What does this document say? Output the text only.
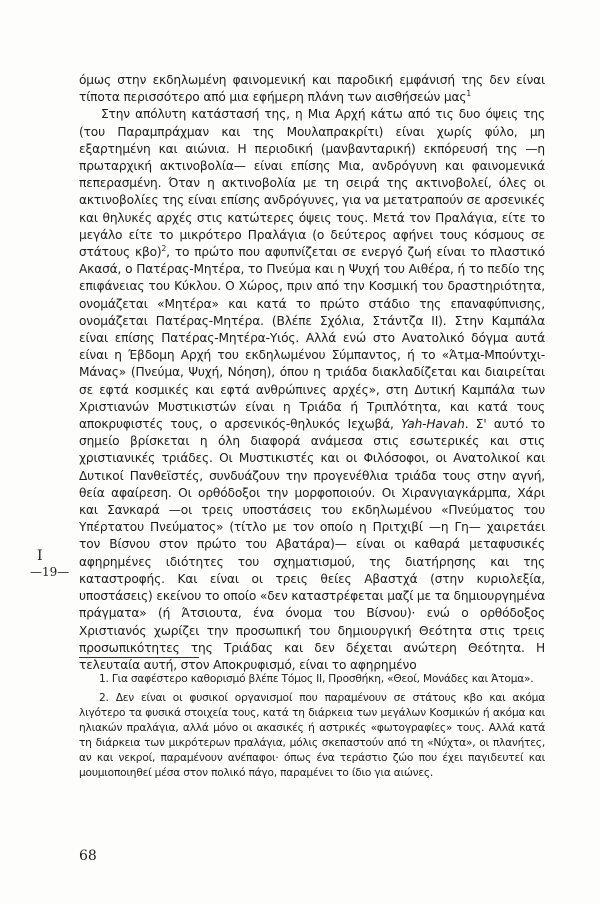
όμως στην εκδηλωμένη φαινομενική και παροδική εμφάνισή της δεν είναι τίποτα περισσότερο από μια εφήμερη πλάνη των αισθήσεών μας$^1$

Στην απόλυτη κατάστασή της, η Μια Αρχή κάτω από τις δυο όψεις της (του Παραμπράχμαν και της Μουλαπρακρίτι) είναι χωρίς φύλο, μη εξαρτημένη και αιώνια. Η περιοδική (μανβανταρική) εκπόρευσή της —η πρωταρχική ακτινοβολία— είναι επίσης Μια, ανδρόγυνη και φαινομενικά πεπερασμένη. Όταν η ακτινοβολία με τη σειρά της ακτινοβολεί, όλες οι ακτινοβολίες της είναι επίσης ανδρόγυνες, για να μετατραπούν σε αρσενικές και θηλυκές αρχές στις κατώτερες όψεις τους. Μετά τον Πραλάγια, είτε το μεγάλο είτε το μικρότερο Πραλάγια (ο δεύτερος αφήνει τους κόσμους σε στάτους κβο)$^2$, το πρώτο που αφυπνίζεται σε ενεργό ζωή είναι το πλαστικό Ακασά, ο Πατέρας-Μητέρα, το Πνεύμα και η Ψυχή του Αιθέρα, ή το πεδίο της επιφάνειας του Κύκλου. Ο Χώρος, πριν από την Κοσμική του δραστηριότητα, ονομάζεται «Μητέρα» και κατά το πρώτο στάδιο της επαναφύπνισης, ονομάζεται Πατέρας-Μητέρα. (Βλέπε Σχόλια, Στάντζα ΙΙ). Στην Καμπάλα είναι επίσης Πατέρας-Μητέρα-Υιός. Αλλά ενώ στο Ανατολικό δόγμα αυτά είναι η Έβδομη Αρχή του εκδηλωμένου Σύμπαντος, ή το «Άτμα-Μπούντχι-Μάνας» (Πνεύμα, Ψυχή, Νόηση), όπου η τριάδα διακλαδίζεται και διαιρείται σε εφτά κοσμικές και εφτά ανθρώπινες αρχές», στη Δυτική Καμπάλα των Χριστιανών Μυστικιστών είναι η Τριάδα ή Τριπλότητα, και κατά τους αποκρυφιστές τους, ο αρσενικός-θηλυκός Ιεχωβά, Yah-Havah. Σ' αυτό το σημείο βρίσκεται η όλη διαφορά ανάμεσα στις εσωτερικές και στις χριστιανικές τριάδες. Οι Μυστικιστές και οι Φιλόσοφοι, οι Ανατολικοί και Δυτικοί Πανθεϊστές, συνδυάζουν την προγενέθλια τριάδα τους στην αγνή, θεία αφαίρεση. Οι ορθόδοξοι την μορφοποιούν. Οι Χιρανγιαγκάρμπα, Χάρι και Σανκαρά —οι τρεις υποστάσεις του εκδηλωμένου «Πνεύματος του Υπέρτατου Πνεύματος» (τίτλο με τον οποίο η Πριτχιβί —η Γη— χαιρετάει τον Βίσνου στον πρώτο του Αβατάρα)— είναι οι καθαρά μεταφυσικές αφηρημένες ιδιότητες του σχηματισμού, της διατήρησης και της καταστροφής. Και είναι οι τρεις θείες Αβαστχά (στην κυριολεξία, υποστάσεις) εκείνου το οποίο «δεν καταστρέφεται μαζί με τα δημιουργημένα πράγματα» (ή Άτσιουτα, ένα όνομα του Βίσνου)· ενώ ο ορθόδοξος Χριστιανός χωρίζει την προσωπική του δημιουργική Θεότητα στις τρεις προσωπικότητες της Τριάδας και δεν δέχεται ανώτερη Θεότητα. Η τελευταία αυτή, στον Αποκρυφισμό, είναι το αφηρημένο

I
—19—

1. Για σαφέστερο καθορισμό βλέπε Τόμος ΙΙ, Προσθήκη, «Θεοί, Μονάδες και Άτομα».

2. Δεν είναι οι φυσικοί οργανισμοί που παραμένουν σε στάτους κβο και ακόμα λιγότερο τα φυσικά στοιχεία τους, κατά τη διάρκεια των μεγάλων Κοσμικών ή ακόμα και ηλιακών πραλάγια, αλλά μόνο οι ακασικές ή αστρικές «φωτογραφίες» τους. Αλλά κατά τη διάρκεια των μικρότερων πραλάγια, μόλις σκεπαστούν από τη «Νύχτα», οι πλανήτες, αν και νεκροί, παραμένουν ανέπαφοι· όπως ένα τεράστιο ζώο που έχει παγιδευτεί και μουμιοποιηθεί μέσα στον πολικό πάγο, παραμένει το ίδιο για αιώνες.

68
